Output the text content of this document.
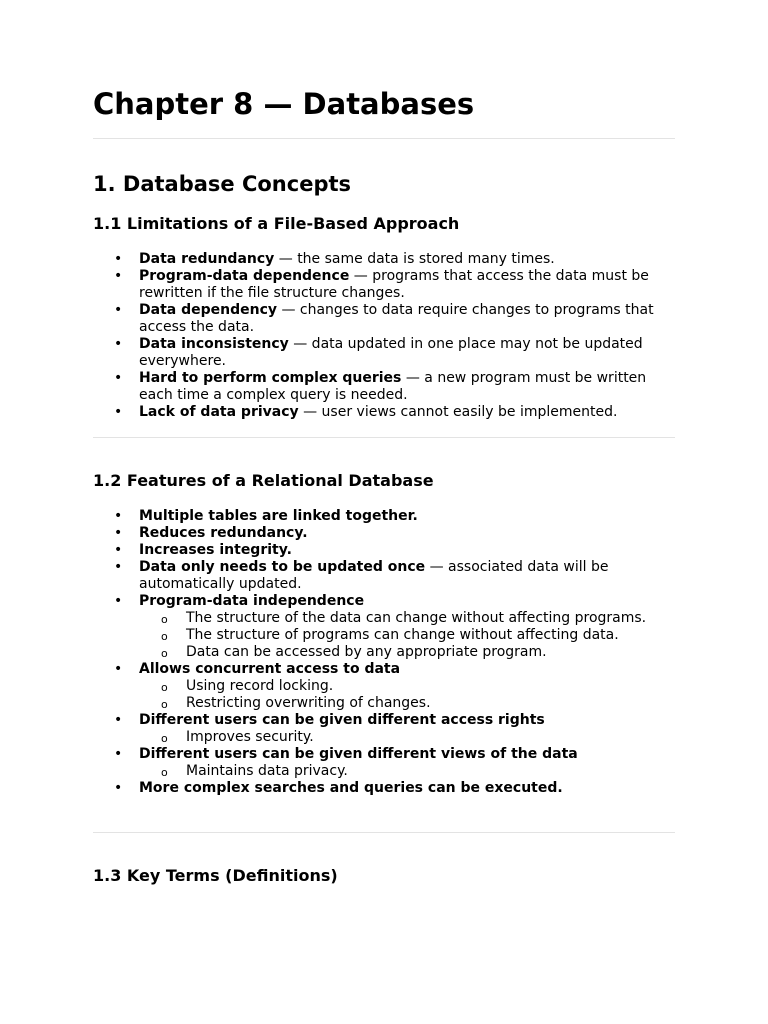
Chapter 8 — Databases
1. Database Concepts
1.1 Limitations of a File-Based Approach
• Data redundancy — the same data is stored many times.
• Program-data dependence — programs that access the data must be rewritten if the file structure changes.
• Data dependency — changes to data require changes to programs that access the data.
• Data inconsistency — data updated in one place may not be updated everywhere.
• Hard to perform complex queries — a new program must be written each time a complex query is needed.
• Lack of data privacy — user views cannot easily be implemented.
1.2 Features of a Relational Database
• Multiple tables are linked together.
• Reduces redundancy.
• Increases integrity.
• Data only needs to be updated once — associated data will be automatically updated.
• Program-data independence
o The structure of the data can change without affecting programs.
o The structure of programs can change without affecting data.
o Data can be accessed by any appropriate program.
• Allows concurrent access to data
o Using record locking.
o Restricting overwriting of changes.
• Different users can be given different access rights
o Improves security.
• Different users can be given different views of the data
o Maintains data privacy.
• More complex searches and queries can be executed.
1.3 Key Terms (Definitions)
